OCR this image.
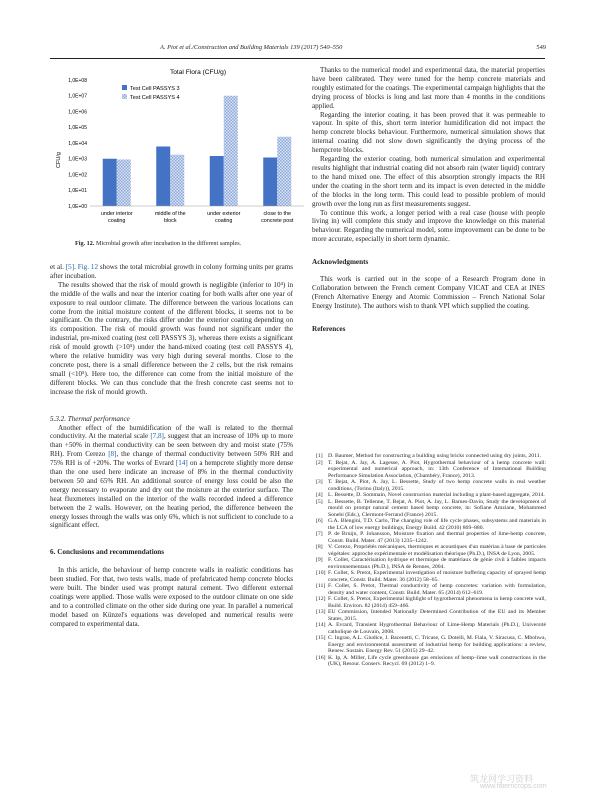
A. Piot et al./Construction and Building Materials 139 (2017) 540–550	549
Total Flora (CFU/g)
CFU/g
1,0E+00
1,0E+01
1,0E+02
1,0E+03
1,0E+04
1,0E+05
1,0E+06
1,0E+07
1,0E+08
under interior coating
middle of the block
under exterior coating
close to the concrete post
Test Cell PASSYS 3
Test Cell PASSYS 4
Fig. 12. Microbial growth after incubation in the different samples.

et al. [5]. Fig. 12 shows the total microbial growth in colony forming units per grams after incubation.

The results showed that the risk of mould growth is negligible (inferior to 10⁴) in the middle of the walls and near the interior coating for both walls after one year of exposure to real outdoor climate. The difference between the various locations can come from the initial moisture content of the different blocks, it seems not to be significant. On the contrary, the risks differ under the exterior coating depending on its composition. The risk of mould growth was found not significant under the industrial, pre-mixed coating (test cell PASSYS 3), whereas there exists a significant risk of mould growth (>10⁵) under the hand-mixed coating (test cell PASSYS 4), where the relative humidity was very high during several months. Close to the concrete post, there is a small difference between the 2 cells, but the risk remains small (<10⁵). Here too, the difference can come from the initial moisture of the different blocks. We can thus conclude that the fresh concrete cast seems not to increase the risk of mould growth.

5.3.2. Thermal performance

Another effect of the humidification of the wall is related to the thermal conductivity. At the material scale [7,8], suggest that an increase of 10% up to more than +50% in thermal conductivity can be seen between dry and moist state (75% RH). From Cerezo [8], the change of thermal conductivity between 50% RH and 75% RH is of +20%. The works of Evrard [14] on a hempcrete slightly more dense than the one used here indicate an increase of 8% in the thermal conductivity between 50 and 65% RH. An additional source of energy loss could be also the energy necessary to evaporate and dry out the moisture at the exterior surface. The heat fluxmeters installed on the interior of the walls recorded indeed a difference between the 2 walls. However, on the heating period, the difference between the energy losses through the walls was only 6%, which is not sufficient to conclude to a significant effect.

6. Conclusions and recommendations

In this article, the behaviour of hemp concrete walls in realistic conditions has been studied. For that, two tests walls, made of prefabricated hemp concrete blocks were built. The binder used was prompt natural cement. Two different external coatings were applied. Those walls were exposed to the outdoor climate on one side and to a controlled climate on the other side during one year. In parallel a numerical model based on Künzel's equations was developed and numerical results were compared to experimental data.

Thanks to the numerical model and experimental data, the material properties have been calibrated. They were tuned for the hemp concrete materials and roughly estimated for the coatings. The experimental campaign highlights that the drying process of blocks is long and last more than 4 months in the conditions applied.

Regarding the interior coating, it has been proved that it was permeable to vapour. In spite of this, short term interior humidification did not impact the hemp concrete blocks behaviour. Furthermore, numerical simulation shows that internal coating did not slow down significantly the drying process of the hempcrete blocks.

Regarding the exterior coating, both numerical simulation and experimental results highlight that industrial coating did not absorb rain (water liquid) contrary to the hand mixed one. The effect of this absorption strongly impacts the RH under the coating in the short term and its impact is even detected in the middle of the blocks in the long term. This could lead to possible problem of mould growth over the long run as first measurements suggest.

To continue this work, a longer period with a real case (house with people living in) will complete this study and improve the knowledge on this material behaviour. Regarding the numerical model, some improvement can be done to be more accurate, especially in short term dynamic.

Acknowledgments

This work is carried out in the scope of a Research Program done in Collaboration between the French cement Company VICAT and CEA at INES (French Alternative Energy and Atomic Commission – French National Solar Energy Institute). The authors wish to thank VPI which supplied the coating.

References
[1] D. Baumer, Method for constructing a building using bricks connected using dry joints, 2011.
[2] T. Bejat, A. Jay, A. Lagesse, A. Piot, Hygrothermal behaviour of a hemp concrete wall: experimental and numerical approach, in: 13th Conference of International Building Performance Simulation Association, (Chambéry, France), 2013.
[3] T. Bejat, A. Piot, A. Jay, L. Bessette, Study of two hemp concrete walls in real weather conditions, (Torino (Italy)), 2015.
[4] L. Bessette, D. Sommain, Novel construction material including a plant-based aggregate, 2014.
[5] L. Bessette, B. Tellenne, T. Bejat, A. Piot, A. Jay, L. Barnes-Davin, Study the development of mould on prompt natural cement based hemp concrete, in: Sofiane Amziane, Mohammed Sonebi (Eds.), Clermont-Ferrand (France) 2015.
[6] G.A. Blengini, T.D. Carlo, The changing role of life cycle phases, subsystems and materials in the LCA of low energy buildings, Energy Build. 42 (2010) 869–880.
[7] P. de Bruijn, P. Johansson, Moisture fixation and thermal properties of lime-hemp concrete, Constr. Build. Mater. 47 (2013) 1235–1242.
[8] V. Cerezo, Propriétés mécaniques, thermiques et acoustiques d'un matériau à base de particules végétales: approche expérimentale et modélisation théorique (Ph.D.), INSA de Lyon, 2005.
[9] F. Collet, Caractérisation hydrique et thermique de matériaux de génie civil à faibles impacts environnementaux (Ph.D.), INSA de Rennes, 2004.
[10] F. Collet, S. Pretot, Experimental investigation of moisture buffering capacity of sprayed hemp concrete, Constr. Build. Mater. 36 (2012) 58–65.
[11] F. Collet, S. Pretot, Thermal conductivity of hemp concretes: variation with formulation, density and water content, Constr. Build. Mater. 65 (2014) 612–619.
[12] F. Collet, S. Pretot, Experimental highlight of hygrothermal phenomena in hemp concrete wall, Build. Environ. 82 (2014) 459–466.
[13] EU Commission, Intended Nationally Determined Contribution of the EU and its Member States, 2015.
[14] A. Evrard, Transient Hygrothermal Behaviour of Lime-Hemp Materials (Ph.D.), Université catholique de Louvain, 2008.
[15] C. Ingrao, A.L. Giudice, J. Bacenetti, C. Tricase, G. Dotelli, M. Fiala, V. Siracusa, C. Mbohwa, Energy and environmental assessment of industrial hemp for building applications: a review, Renew. Sustain. Energy Rev. 51 (2015) 29–42.
[16] K. Ip, A. Miller, Life cycle greenhouse gas emissions of hemp–lime wall constructions in the (UK), Resour. Conserv. Recycl. 69 (2012) 1–9.
筑龙网学习资料
www.fiberncrops.com
